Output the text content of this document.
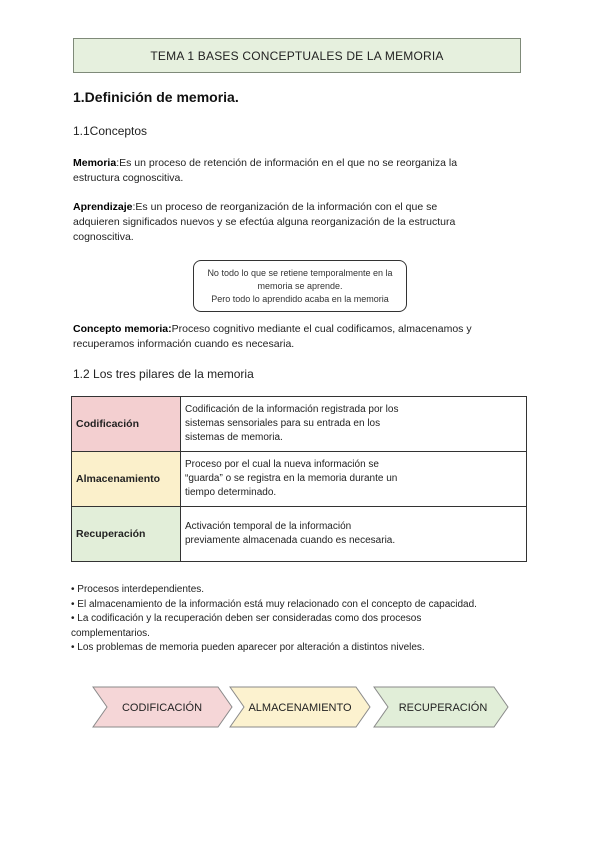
TEMA 1 BASES CONCEPTUALES DE LA MEMORIA
1.Definición de memoria.
1.1Conceptos
Memoria:Es un proceso de retención de información en el que no se reorganiza la estructura cognoscitiva.
Aprendizaje:Es un proceso de reorganización de la información con el que se adquieren significados nuevos y se efectúa alguna reorganización de la estructura cognoscitiva.
No todo lo que se retiene temporalmente en la
memoria se aprende.
Pero todo lo aprendido acaba en la memoria
Concepto memoria:Proceso cognitivo mediante el cual codificamos, almacenamos y recuperamos información cuando es necesaria.
1.2 Los tres pilares de la memoria
Codificación	Codificación de la información registrada por los sistemas sensoriales para su entrada en los sistemas de memoria.

Almacenamiento	Proceso por el cual la nueva información se “guarda” o se registra en la memoria durante un tiempo determinado.

Recuperación	Activación temporal de la información previamente almacenada cuando es necesaria.
• Procesos interdependientes.
• El almacenamiento de la información está muy relacionado con el concepto de capacidad.
• La codificación y la recuperación deben ser consideradas como dos procesos
complementarios.
• Los problemas de memoria pueden aparecer por alteración a distintos niveles.
CODIFICACIÓN	ALMACENAMIENTO	RECUPERACIÓN
